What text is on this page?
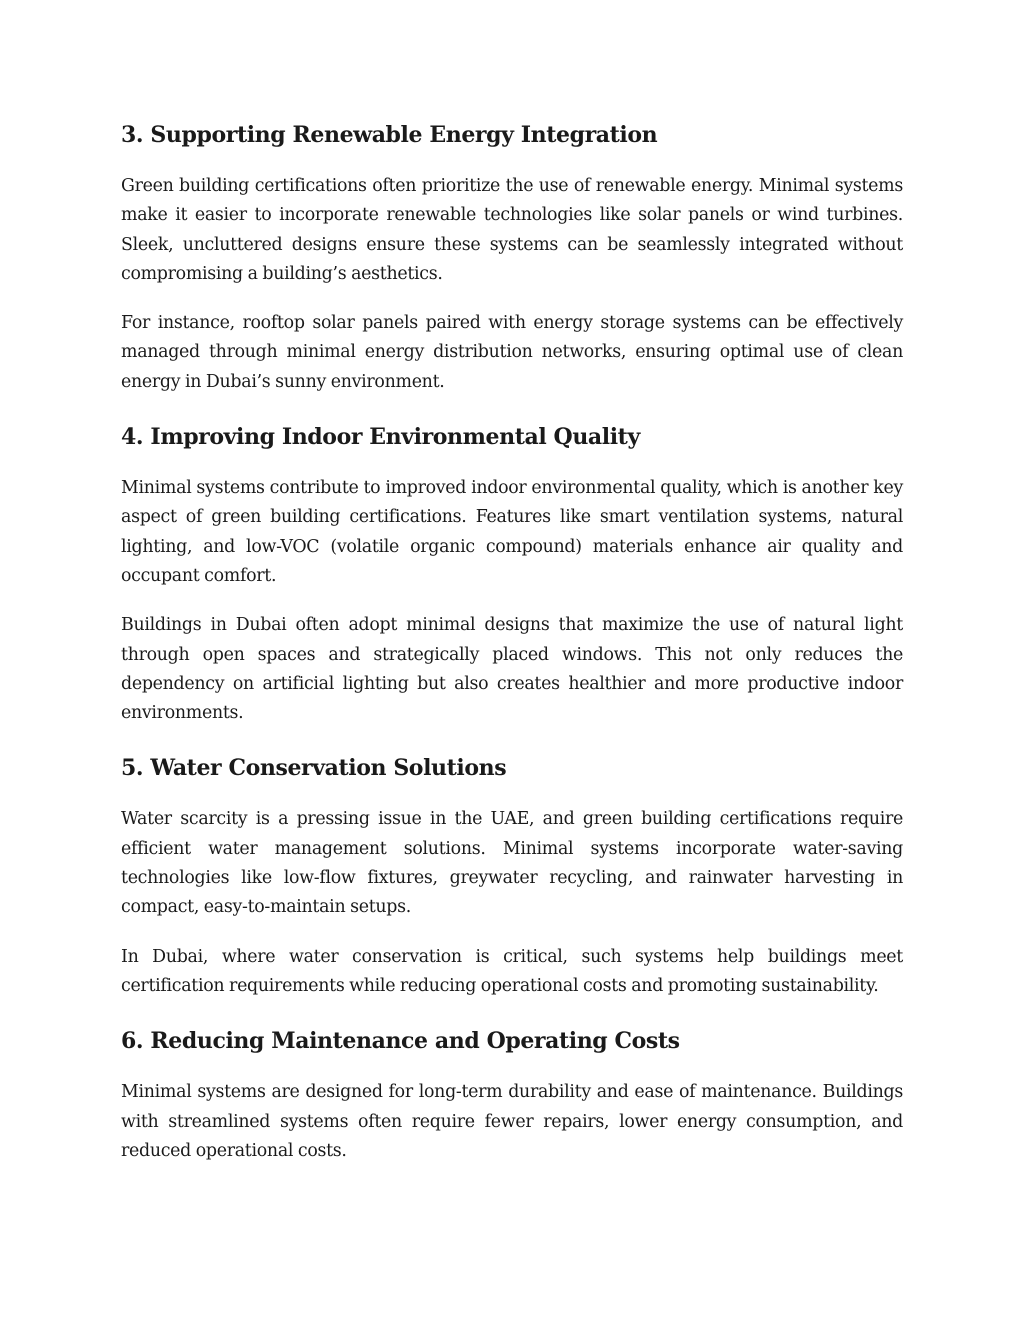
3. Supporting Renewable Energy Integration

Green building certifications often prioritize the use of renewable energy. Minimal systems make it easier to incorporate renewable technologies like solar panels or wind turbines. Sleek, uncluttered designs ensure these systems can be seamlessly integrated without compromising a building’s aesthetics.

For instance, rooftop solar panels paired with energy storage systems can be effectively managed through minimal energy distribution networks, ensuring optimal use of clean energy in Dubai’s sunny environment.

4. Improving Indoor Environmental Quality

Minimal systems contribute to improved indoor environmental quality, which is another key aspect of green building certifications. Features like smart ventilation systems, natural lighting, and low-VOC (volatile organic compound) materials enhance air quality and occupant comfort.

Buildings in Dubai often adopt minimal designs that maximize the use of natural light through open spaces and strategically placed windows. This not only reduces the dependency on artificial lighting but also creates healthier and more productive indoor environments.

5. Water Conservation Solutions

Water scarcity is a pressing issue in the UAE, and green building certifications require efficient water management solutions. Minimal systems incorporate water-saving technologies like low-flow fixtures, greywater recycling, and rainwater harvesting in compact, easy-to-maintain setups.

In Dubai, where water conservation is critical, such systems help buildings meet certification requirements while reducing operational costs and promoting sustainability.

6. Reducing Maintenance and Operating Costs

Minimal systems are designed for long-term durability and ease of maintenance. Buildings with streamlined systems often require fewer repairs, lower energy consumption, and reduced operational costs.
